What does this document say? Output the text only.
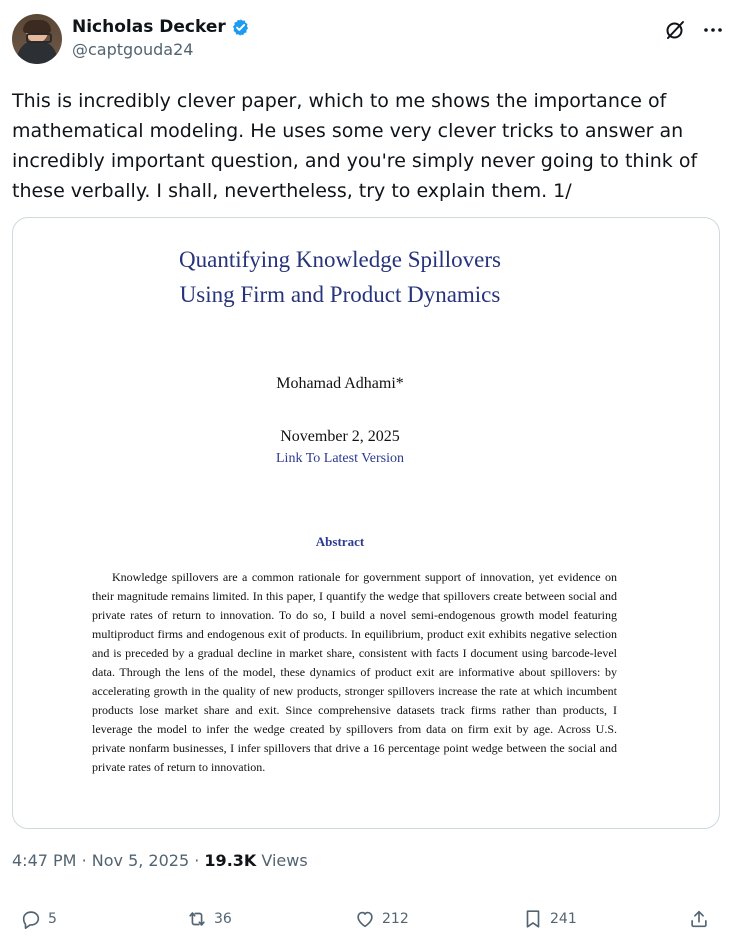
Nicholas Decker
@captgouda24

This is incredibly clever paper, which to me shows the importance of
mathematical modeling. He uses some very clever tricks to answer an
incredibly important question, and you're simply never going to think of
these verbally. I shall, nevertheless, try to explain them. 1/

Quantifying Knowledge Spillovers
Using Firm and Product Dynamics
Mohamad Adhami*
November 2, 2025
Link To Latest Version
Abstract
Knowledge spillovers are a common rationale for government support of innovation, yet evidence on their magnitude remains limited. In this paper, I quantify the wedge that spillovers create between social and private rates of return to innovation. To do so, I build a novel semi-endogenous growth model featuring multiproduct firms and endogenous exit of products. In equilibrium, product exit exhibits negative selection and is preceded by a gradual decline in market share, consistent with facts I document using barcode-level data. Through the lens of the model, these dynamics of product exit are informative about spillovers: by accelerating growth in the quality of new products, stronger spillovers increase the rate at which incumbent products lose market share and exit. Since comprehensive datasets track firms rather than products, I leverage the model to infer the wedge created by spillovers from data on firm exit by age. Across U.S. private nonfarm businesses, I infer spillovers that drive a 16 percentage point wedge between the social and private rates of return to innovation.
4:47 PM · Nov 5, 2025 · 19.3K Views
5	36	212	241
